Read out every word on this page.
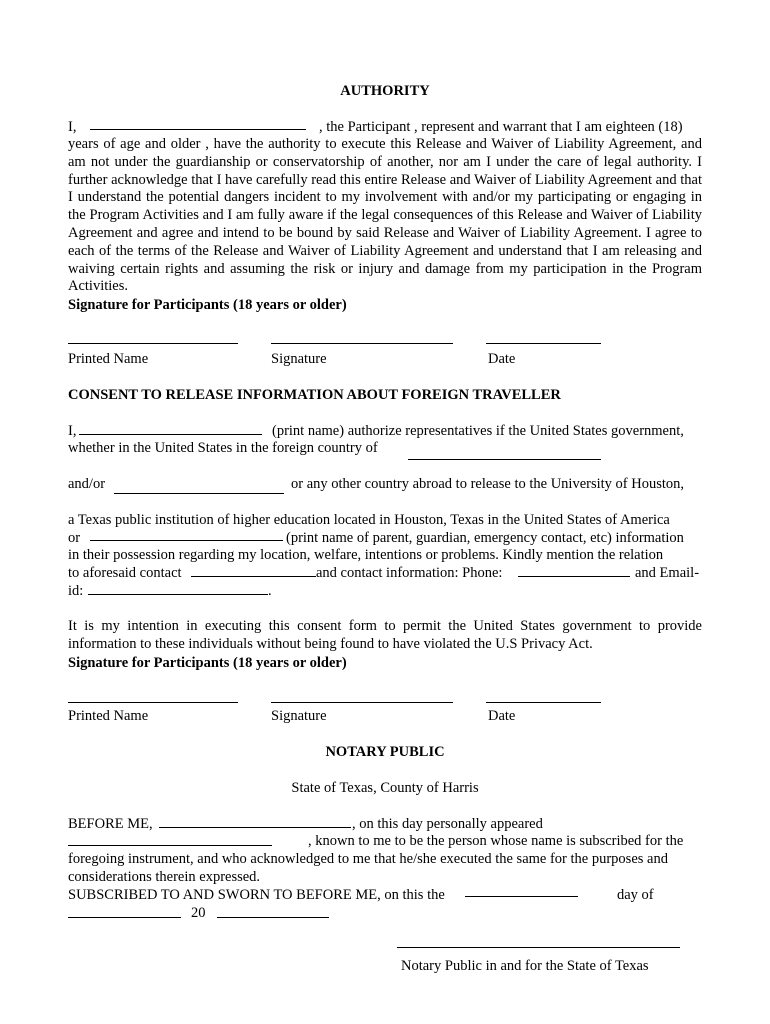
AUTHORITY
I,	, the Participant , represent and warrant that I am eighteen (18)
years of age and older , have the authority to execute this Release and Waiver of Liability Agreement, and am not under the guardianship or conservatorship of another, nor am I under the care of legal authority. I further acknowledge that I have carefully read this entire Release and Waiver of Liability Agreement and that I understand the potential dangers incident to my involvement with and/or my participating or engaging in the Program Activities and I am fully aware if the legal consequences of this Release and Waiver of Liability Agreement and agree and intend to be bound by said Release and Waiver of Liability Agreement. I agree to each of the terms of the Release and Waiver of Liability Agreement and understand that I am releasing and waiving certain rights and assuming the risk or injury and damage from my participation in the Program Activities.
Signature for Participants (18 years or older)
Printed Name	Signature	Date
CONSENT TO RELEASE INFORMATION ABOUT FOREIGN TRAVELLER
I,	(print name) authorize representatives if the United States government,
whether in the United States in the foreign country of
and/or	or any other country abroad to release to the University of Houston,
a Texas public institution of higher education located in Houston, Texas in the United States of America
or	(print name of parent, guardian, emergency contact, etc) information
in their possession regarding my location, welfare, intentions or problems. Kindly mention the relation
to aforesaid contact	and contact information: Phone:	and Email-
id:	.
It is my intention in executing this consent form to permit the United States government to provide information to these individuals without being found to have violated the U.S Privacy Act.
Signature for Participants (18 years or older)
Printed Name	Signature	Date
NOTARY PUBLIC
State of Texas, County of Harris
BEFORE ME,	, on this day personally appeared
, known to me to be the person whose name is subscribed for the
foregoing instrument, and who acknowledged to me that he/she executed the same for the purposes and
considerations therein expressed.
SUBSCRIBED TO AND SWORN TO BEFORE ME, on this the	day of
20
Notary Public in and for the State of Texas
